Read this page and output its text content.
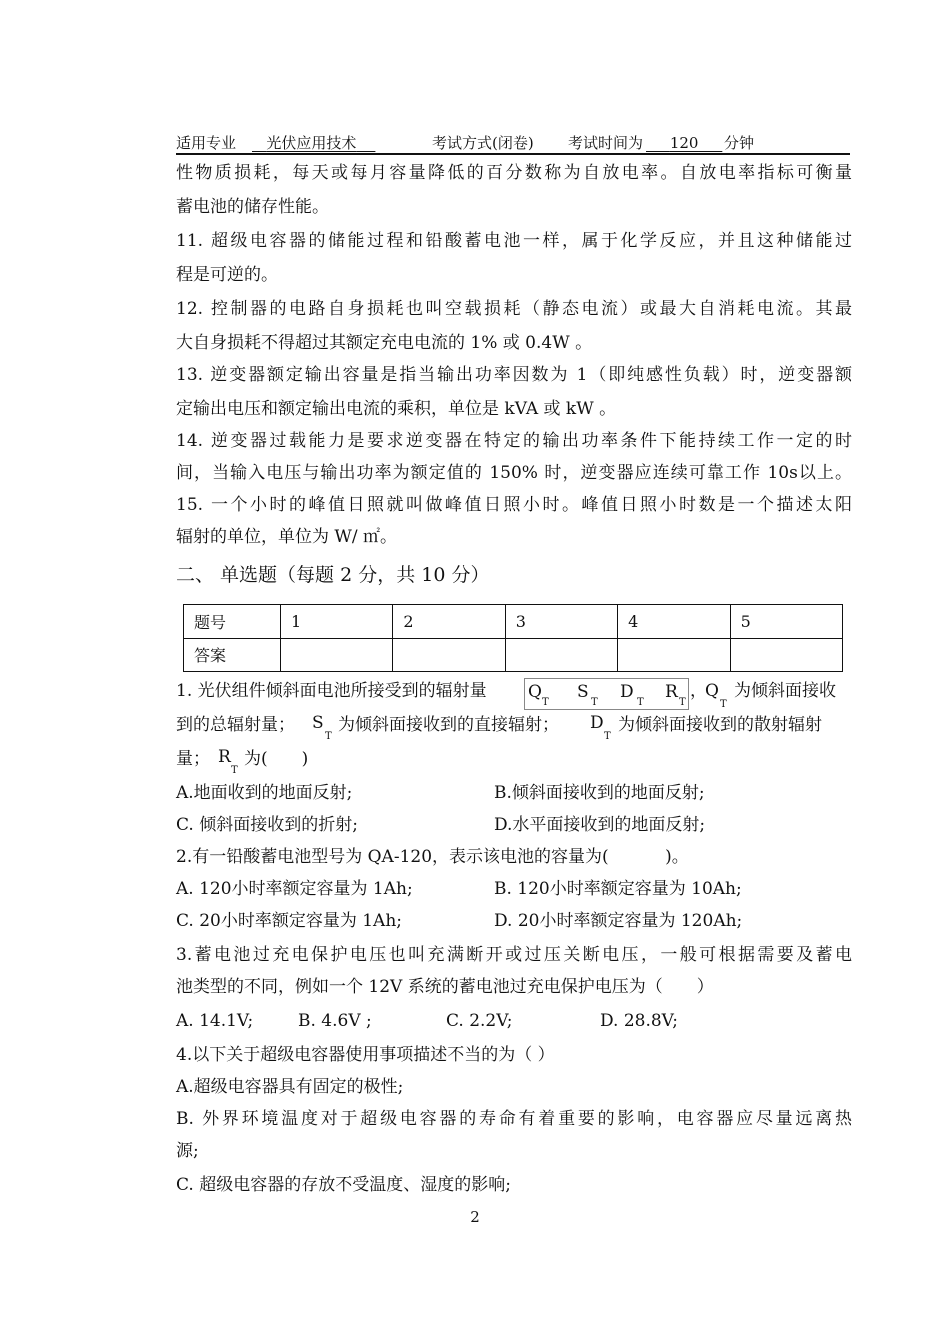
适用专业	光伏应用技术	考试方式(闭卷) 考试时间为	120	分钟
性物质损耗，每天或每月容量降低的百分数称为自放电率。自放电率指标可衡量
蓄电池的储存性能。
11. 超级电容器的储能过程和铅酸蓄电池一样，属于化学反应，并且这种储能过
程是可逆的。
12. 控制器的电路自身损耗也叫空载损耗（静态电流）或最大自消耗电流。其最
大自身损耗不得超过其额定充电电流的 1% 或 0.4W 。
13. 逆变器额定输出容量是指当输出功率因数为 1（即纯感性负载）时，逆变器额
定输出电压和额定输出电流的乘积，单位是 kVA 或 kW 。
14. 逆变器过载能力是要求逆变器在特定的输出功率条件下能持续工作一定的时
间，当输入电压与输出功率为额定值的 150% 时，逆变器应连续可靠工作 10s以上。
15. 一个小时的峰值日照就叫做峰值日照小时。峰值日照小时数是一个描述太阳
辐射的单位，单位为 W/ ㎡。
二、 单选题（每题 2 分，共 10 分）
题号	1	2	3	4	5
答案					
1. 光伏组件倾斜面电池所接受到的辐射量	Q
T
S
T
D
T
R
T
，
Q
T
为倾斜面接收
到的总辐射量； S
T
为倾斜面接收到的直接辐射； D
T
为倾斜面接收到的散射辐射
量； R
T
为(　　)
A.地面收到的地面反射;	B.倾斜面接收到的地面反射;
C. 倾斜面接收到的折射;	D.水平面接收到的地面反射;
2.有一铅酸蓄电池型号为 QA-120，表示该电池的容量为(　　　 )。
A. 120小时率额定容量为 1Ah;	B. 120小时率额定容量为 10Ah;
C. 20小时率额定容量为 1Ah;	D. 20小时率额定容量为 120Ah;
3.蓄电池过充电保护电压也叫充满断开或过压关断电压，一般可根据需要及蓄电
池类型的不同，例如一个 12V 系统的蓄电池过充电保护电压为（　　）
A. 14.1V;	B. 4.6V ;	C. 2.2V;	D. 28.8V;
4.以下关于超级电容器使用事项描述不当的为（ ）
A.超级电容器具有固定的极性;
B. 外界环境温度对于超级电容器的寿命有着重要的影响，电容器应尽量远离热
源;
C. 超级电容器的存放不受温度、湿度的影响;
2
